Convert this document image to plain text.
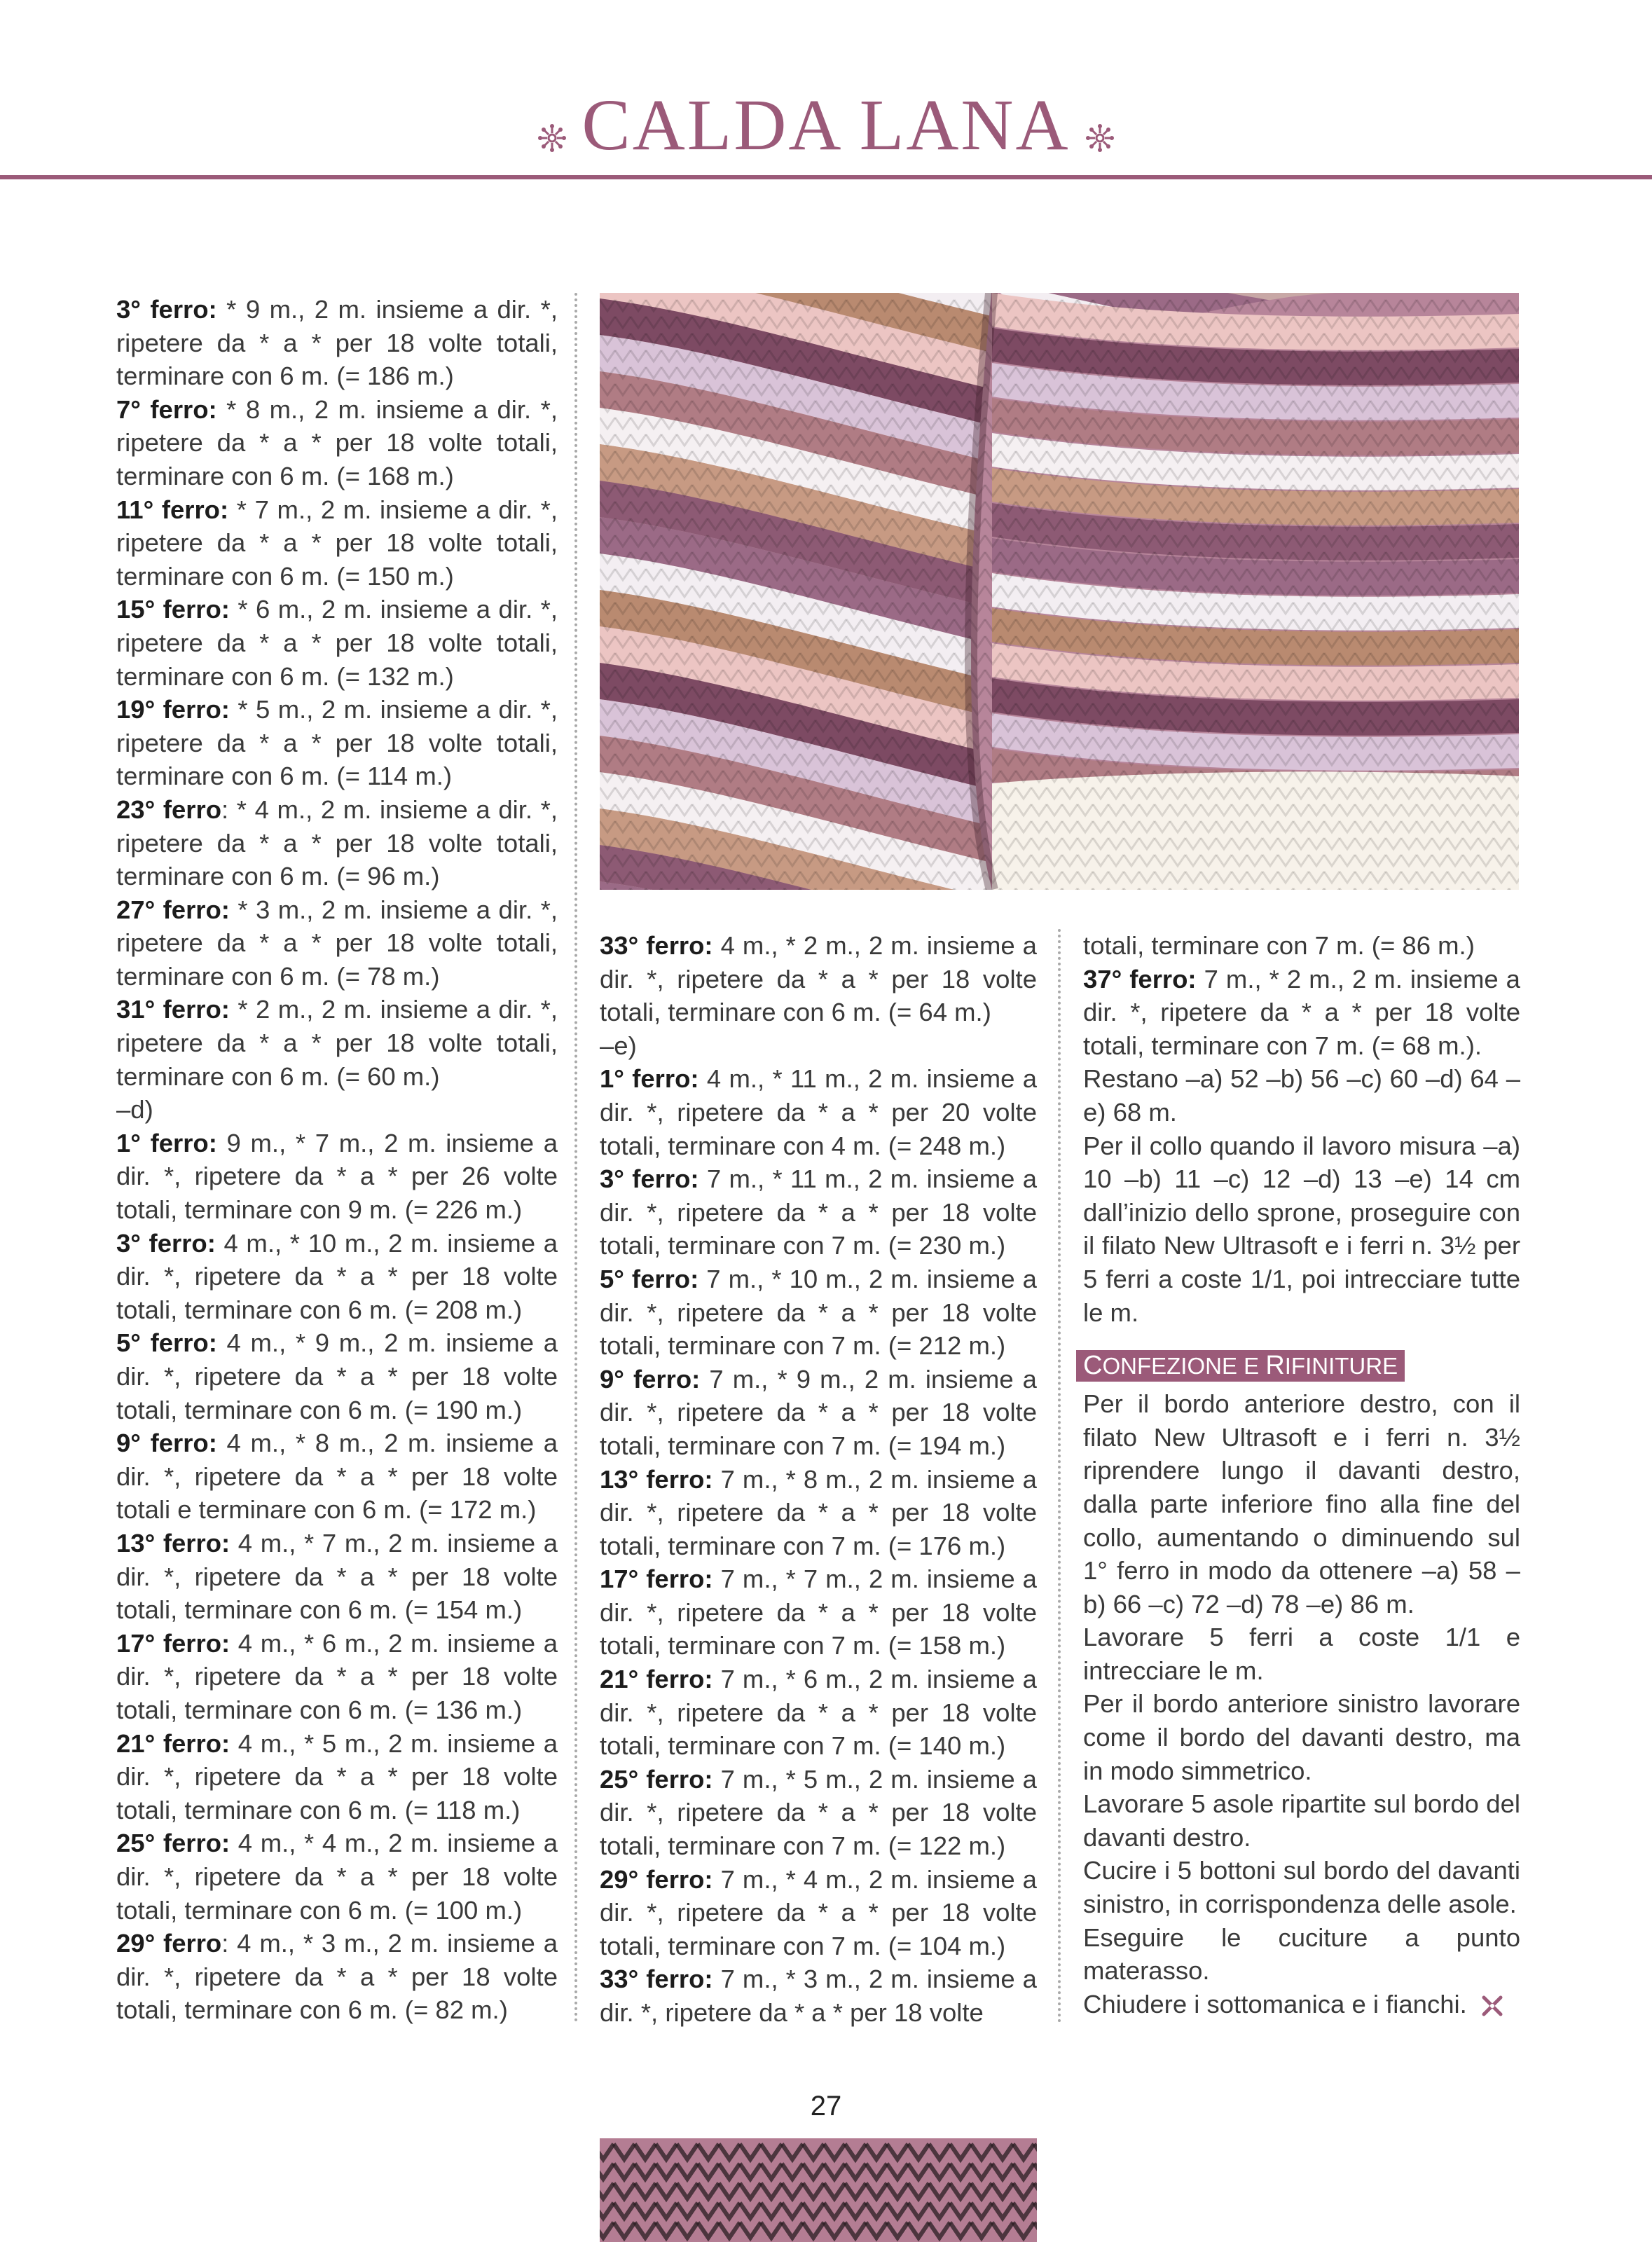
CALDA LANA

3° ferro: * 9 m., 2 m. insieme a dir. *, ripetere da * a * per 18 volte totali, terminare con 6 m. (= 186 m.)

7° ferro: * 8 m., 2 m. insieme a dir. *, ripetere da * a * per 18 volte totali, terminare con 6 m. (= 168 m.)

11° ferro: * 7 m., 2 m. insieme a dir. *, ripetere da * a * per 18 volte totali, terminare con 6 m. (= 150 m.)

15° ferro: * 6 m., 2 m. insieme a dir. *, ripetere da * a * per 18 volte totali, terminare con 6 m. (= 132 m.)

19° ferro: * 5 m., 2 m. insieme a dir. *, ripetere da * a * per 18 volte totali, terminare con 6 m. (= 114 m.)

23° ferro: * 4 m., 2 m. insieme a dir. *, ripetere da * a * per 18 volte totali, terminare con 6 m. (= 96 m.)

27° ferro: * 3 m., 2 m. insieme a dir. *, ripetere da * a * per 18 volte totali, terminare con 6 m. (= 78 m.)

31° ferro: * 2 m., 2 m. insieme a dir. *, ripetere da * a * per 18 volte totali, terminare con 6 m. (= 60 m.)

–d)

1° ferro: 9 m., * 7 m., 2 m. insieme a dir. *, ripetere da * a * per 26 volte totali, terminare con 9 m. (= 226 m.)

3° ferro: 4 m., * 10 m., 2 m. insieme a dir. *, ripetere da * a * per 18 volte totali, terminare con 6 m. (= 208 m.)

5° ferro: 4 m., * 9 m., 2 m. insieme a dir. *, ripetere da * a * per 18 volte totali, terminare con 6 m. (= 190 m.)

9° ferro: 4 m., * 8 m., 2 m. insieme a dir. *, ripetere da * a * per 18 volte totali e terminare con 6 m. (= 172 m.)

13° ferro: 4 m., * 7 m., 2 m. insieme a dir. *, ripetere da * a * per 18 volte totali, terminare con 6 m. (= 154 m.)

17° ferro: 4 m., * 6 m., 2 m. insieme a dir. *, ripetere da * a * per 18 volte totali, terminare con 6 m. (= 136 m.)

21° ferro: 4 m., * 5 m., 2 m. insieme a dir. *, ripetere da * a * per 18 volte totali, terminare con 6 m. (= 118 m.)

25° ferro: 4 m., * 4 m., 2 m. insieme a dir. *, ripetere da * a * per 18 volte totali, terminare con 6 m. (= 100 m.)

29° ferro: 4 m., * 3 m., 2 m. insieme a dir. *, ripetere da * a * per 18 volte totali, terminare con 6 m. (= 82 m.)

33° ferro: 4 m., * 2 m., 2 m. insieme a dir. *, ripetere da * a * per 18 volte totali, terminare con 6 m. (= 64 m.)

–e)

1° ferro: 4 m., * 11 m., 2 m. insieme a dir. *, ripetere da * a * per 20 volte totali, terminare con 4 m. (= 248 m.)

3° ferro: 7 m., * 11 m., 2 m. insieme a dir. *, ripetere da * a * per 18 volte totali, terminare con 7 m. (= 230 m.)

5° ferro: 7 m., * 10 m., 2 m. insieme a dir. *, ripetere da * a * per 18 volte totali, terminare con 7 m. (= 212 m.)

9° ferro: 7 m., * 9 m., 2 m. insieme a dir. *, ripetere da * a * per 18 volte totali, terminare con 7 m. (= 194 m.)

13° ferro: 7 m., * 8 m., 2 m. insieme a dir. *, ripetere da * a * per 18 volte totali, terminare con 7 m. (= 176 m.)

17° ferro: 7 m., * 7 m., 2 m. insieme a dir. *, ripetere da * a * per 18 volte totali, terminare con 7 m. (= 158 m.)

21° ferro: 7 m., * 6 m., 2 m. insieme a dir. *, ripetere da * a * per 18 volte totali, terminare con 7 m. (= 140 m.)

25° ferro: 7 m., * 5 m., 2 m. insieme a dir. *, ripetere da * a * per 18 volte totali, terminare con 7 m. (= 122 m.)

29° ferro: 7 m., * 4 m., 2 m. insieme a dir. *, ripetere da * a * per 18 volte totali, terminare con 7 m. (= 104 m.)

33° ferro: 7 m., * 3 m., 2 m. insieme a dir. *, ripetere da * a * per 18 volte

totali, terminare con 7 m. (= 86 m.)

37° ferro: 7 m., * 2 m., 2 m. insieme a dir. *, ripetere da * a * per 18 volte totali, terminare con 7 m. (= 68 m.).

Restano –a) 52 –b) 56 –c) 60 –d) 64 –e) 68 m.

Per il collo quando il lavoro misura –a) 10 –b) 11 –c) 12 –d) 13 –e) 14 cm dall’inizio dello sprone, proseguire con il filato New Ultrasoft e i ferri n. 3½ per 5 ferri a coste 1/1, poi intrecciare tutte le m.

CONFEZIONE E RIFINITURE

Per il bordo anteriore destro, con il filato New Ultrasoft e i ferri n. 3½ riprendere lungo il davanti destro, dalla parte inferiore fino alla fine del collo, aumentando o diminuendo sul 1° ferro in modo da ottenere –a) 58 –b) 66 –c) 72 –d) 78 –e) 86 m.

Lavorare 5 ferri a coste 1/1 e intrecciare le m.

Per il bordo anteriore sinistro lavorare come il bordo del davanti destro, ma in modo simmetrico.

Lavorare 5 asole ripartite sul bordo del davanti destro.

Cucire i 5 bottoni sul bordo del davanti sinistro, in corrispondenza delle asole.

Eseguire le cuciture a punto materasso.

Chiudere i sottomanica e i fianchi.

27
